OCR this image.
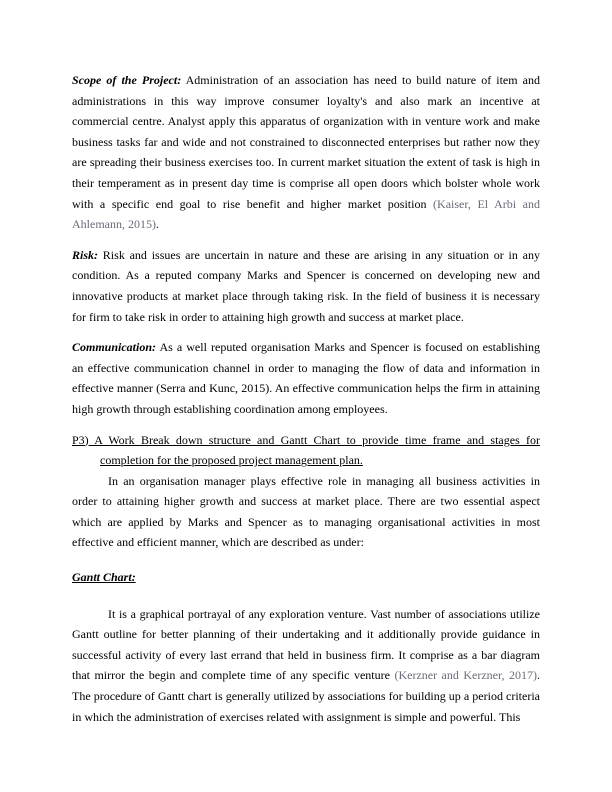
Scope of the Project: Administration of an association has need to build nature of item and administrations in this way improve consumer loyalty's and also mark an incentive at commercial centre. Analyst apply this apparatus of organization with in venture work and make business tasks far and wide and not constrained to disconnected enterprises but rather now they are spreading their business exercises too. In current market situation the extent of task is high in their temperament as in present day time is comprise all open doors which bolster whole work with a specific end goal to rise benefit and higher market position (Kaiser, El Arbi and Ahlemann, 2015).

Risk: Risk and issues are uncertain in nature and these are arising in any situation or in any condition. As a reputed company Marks and Spencer is concerned on developing new and innovative products at market place through taking risk. In the field of business it is necessary for firm to take risk in order to attaining high growth and success at market place.

Communication: As a well reputed organisation Marks and Spencer is focused on establishing an effective communication channel in order to managing the flow of data and information in effective manner (Serra and Kunc, 2015). An effective communication helps the firm in attaining high growth through establishing coordination among employees.

P3) A Work Break down structure and Gantt Chart to provide time frame and stages for completion for the proposed project management plan.

In an organisation manager plays effective role in managing all business activities in order to attaining higher growth and success at market place. There are two essential aspect which are applied by Marks and Spencer as to managing organisational activities in most effective and efficient manner, which are described as under:

Gantt Chart:

It is a graphical portrayal of any exploration venture. Vast number of associations utilize Gantt outline for better planning of their undertaking and it additionally provide guidance in successful activity of every last errand that held in business firm. It comprise as a bar diagram that mirror the begin and complete time of any specific venture (Kerzner and Kerzner, 2017). The procedure of Gantt chart is generally utilized by associations for building up a period criteria in which the administration of exercises related with assignment is simple and powerful. This
